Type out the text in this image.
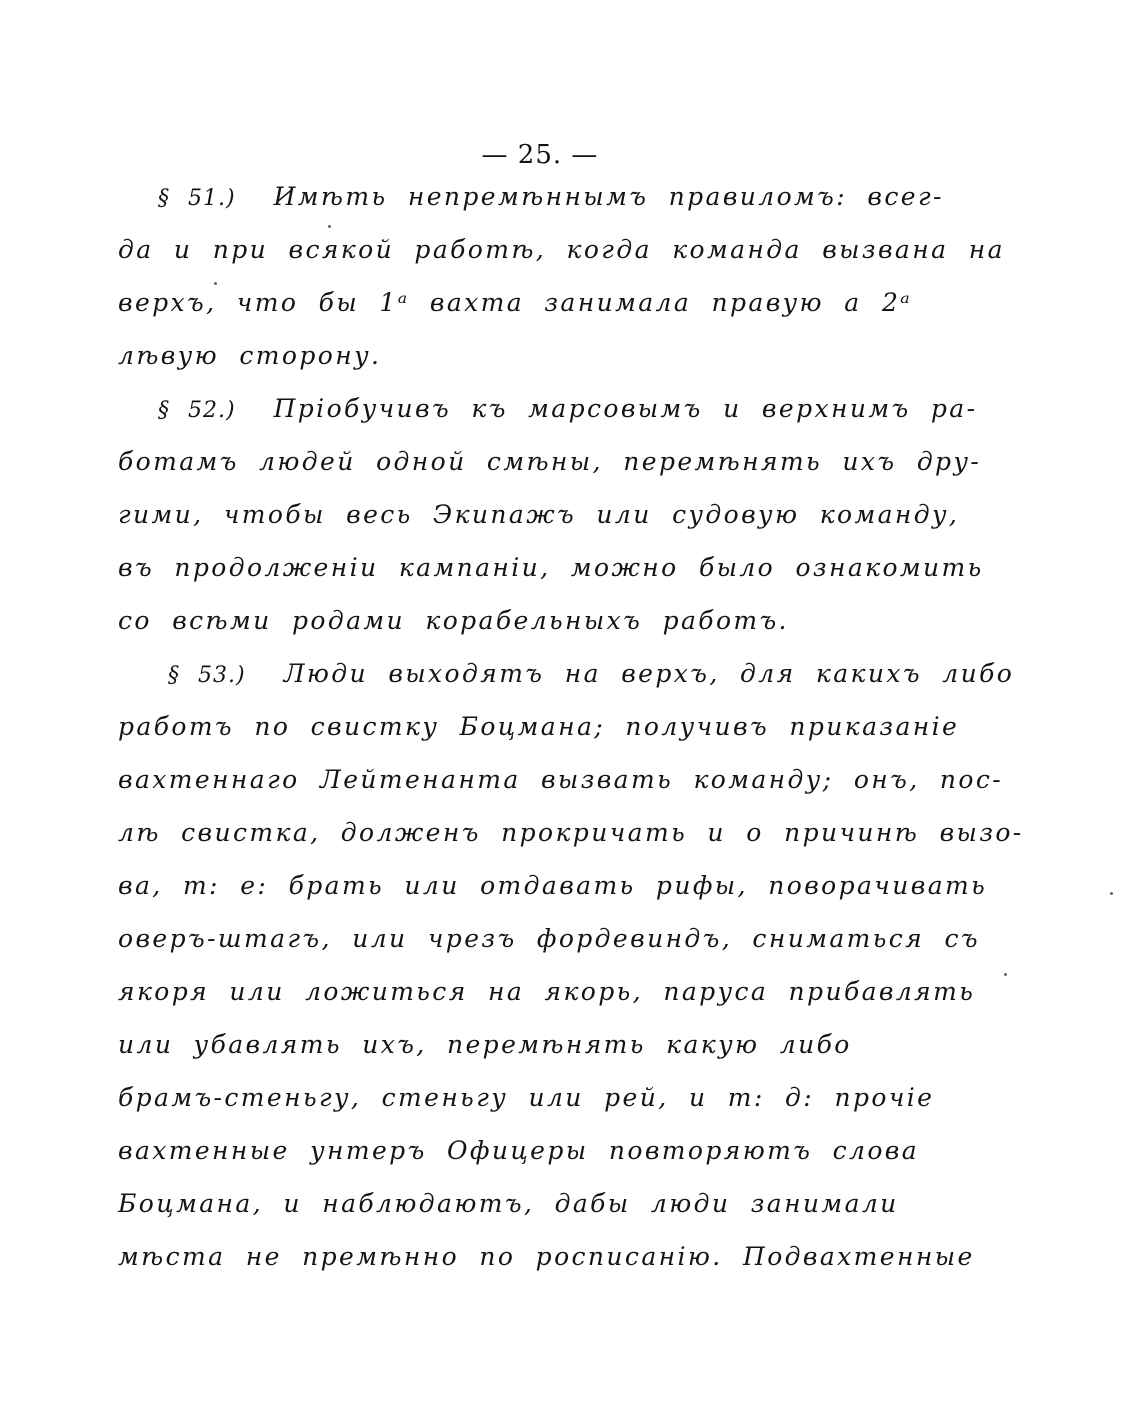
— 25. —
§ 51.) Имѣть непремѣннымъ правиломъ: всег-
да и при всякой работѣ, когда команда вызвана на
верхъ, что бы 1ᵃ вахта занимала правую а 2ᵃ
лѣвую сторону.
§ 52.) Пріобучивъ къ марсовымъ и верхнимъ ра-
ботамъ людей одной смѣны, перемѣнять ихъ дру-
гими, чтобы весь Экипажъ или судовую команду,
въ продолженіи кампаніи, можно было ознакомить
со всѣми родами корабельныхъ работъ.
§ 53.) Люди выходятъ на верхъ, для какихъ либо
работъ по свистку Боцмана; получивъ приказаніе
вахтеннаго Лейтенанта вызвать команду; онъ, пос-
лѣ свистка, долженъ прокричать и о причинѣ вызо-
ва, т: е: брать или отдавать рифы, поворачивать
оверъ-штагъ, или чрезъ фордевиндъ, сниматься съ
якоря или ложиться на якорь, паруса прибавлять
или убавлять ихъ, перемѣнять какую либо
брамъ-стеньгу, стеньгу или рей, и т: д: прочіе
вахтенные унтеръ Офицеры повторяютъ слова
Боцмана, и наблюдаютъ, дабы люди занимали
мѣста не премѣнно по росписанію. Подвахтенные
